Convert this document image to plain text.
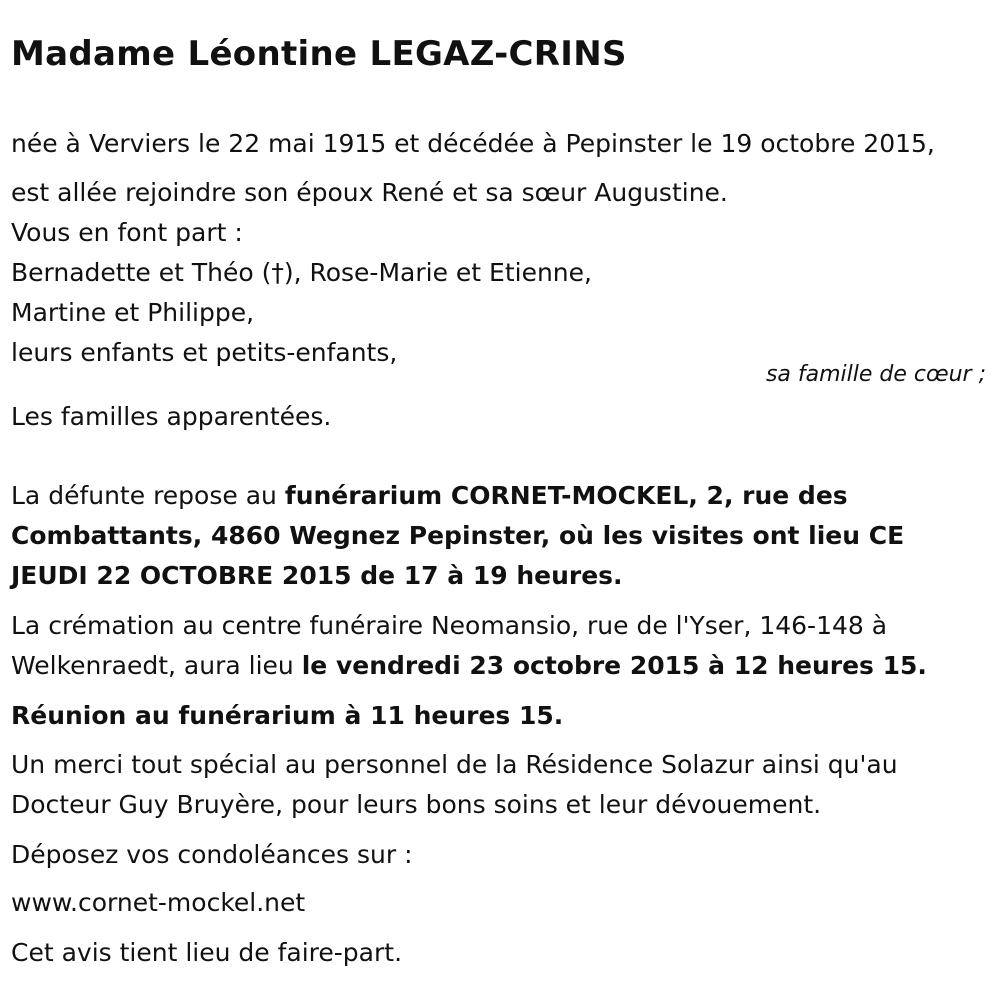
Madame Léontine LEGAZ-CRINS

née à Verviers le 22 mai 1915 et décédée à Pepinster le 19 octobre 2015,

est allée rejoindre son époux René et sa sœur Augustine.

Vous en font part :

Bernadette et Théo (†), Rose-Marie et Etienne,

Martine et Philippe,

leurs enfants et petits-enfants,

sa famille de cœur ;

Les familles apparentées.

La défunte repose au funérarium CORNET-MOCKEL, 2, rue des Combattants, 4860 Wegnez Pepinster, où les visites ont lieu CE JEUDI 22 OCTOBRE 2015 de 17 à 19 heures.

La crémation au centre funéraire Neomansio, rue de l'Yser, 146-148 à Welkenraedt, aura lieu le vendredi 23 octobre 2015 à 12 heures 15.

Réunion au funérarium à 11 heures 15.

Un merci tout spécial au personnel de la Résidence Solazur ainsi qu'au Docteur Guy Bruyère, pour leurs bons soins et leur dévouement.

Déposez vos condoléances sur :

www.cornet-mockel.net

Cet avis tient lieu de faire-part.
